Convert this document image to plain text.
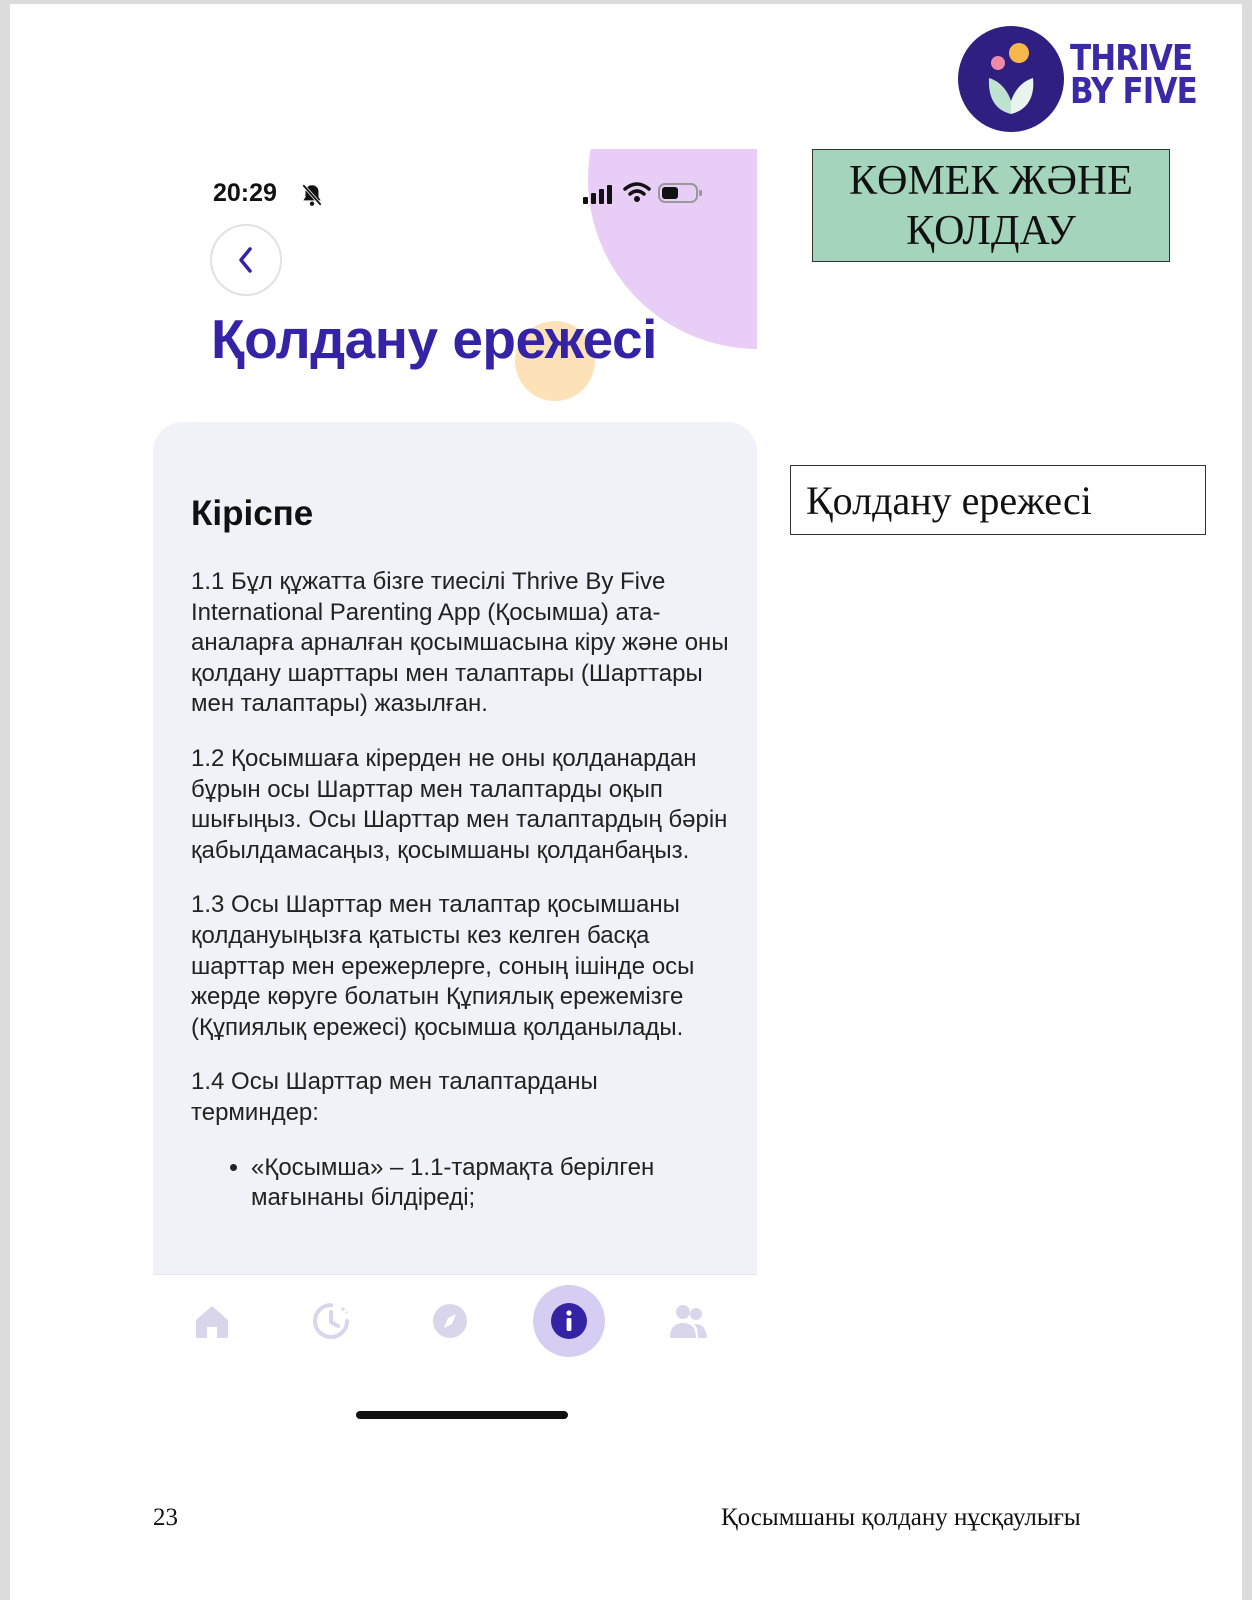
THRIVE
BY FIVE
КӨМЕК ЖӘНЕ ҚОЛДАУ
Қолдану ережесі
20:29
Қолдану ережесі
Кіріспе

1.1 Бұл құжатта бізге тиесілі Thrive By Five International Parenting App (Қосымша) ата-аналарға арналған қосымшасына кіру және оны қолдану шарттары мен талаптары (Шарттары мен талаптары) жазылған.

1.2 Қосымшаға кірерден не оны қолданардан бұрын осы Шарттар мен талаптарды оқып шығыңыз. Осы Шарттар мен талаптардың бәрін қабылдамасаңыз, қосымшаны қолданбаңыз.

1.3 Осы Шарттар мен талаптар қосымшаны қолдануыңызға қатысты кез келген басқа шарттар мен ережерлерге, соның ішінде осы жерде көруге болатын Құпиялық ережемізге (Құпиялық ережесі) қосымша қолданылады.

1.4 Осы Шарттар мен талаптарданы терминдер:

• «Қосымша» – 1.1-тармақта берілген мағынаны білдіреді;
23	Қосымшаны қолдану нұсқаулығы
